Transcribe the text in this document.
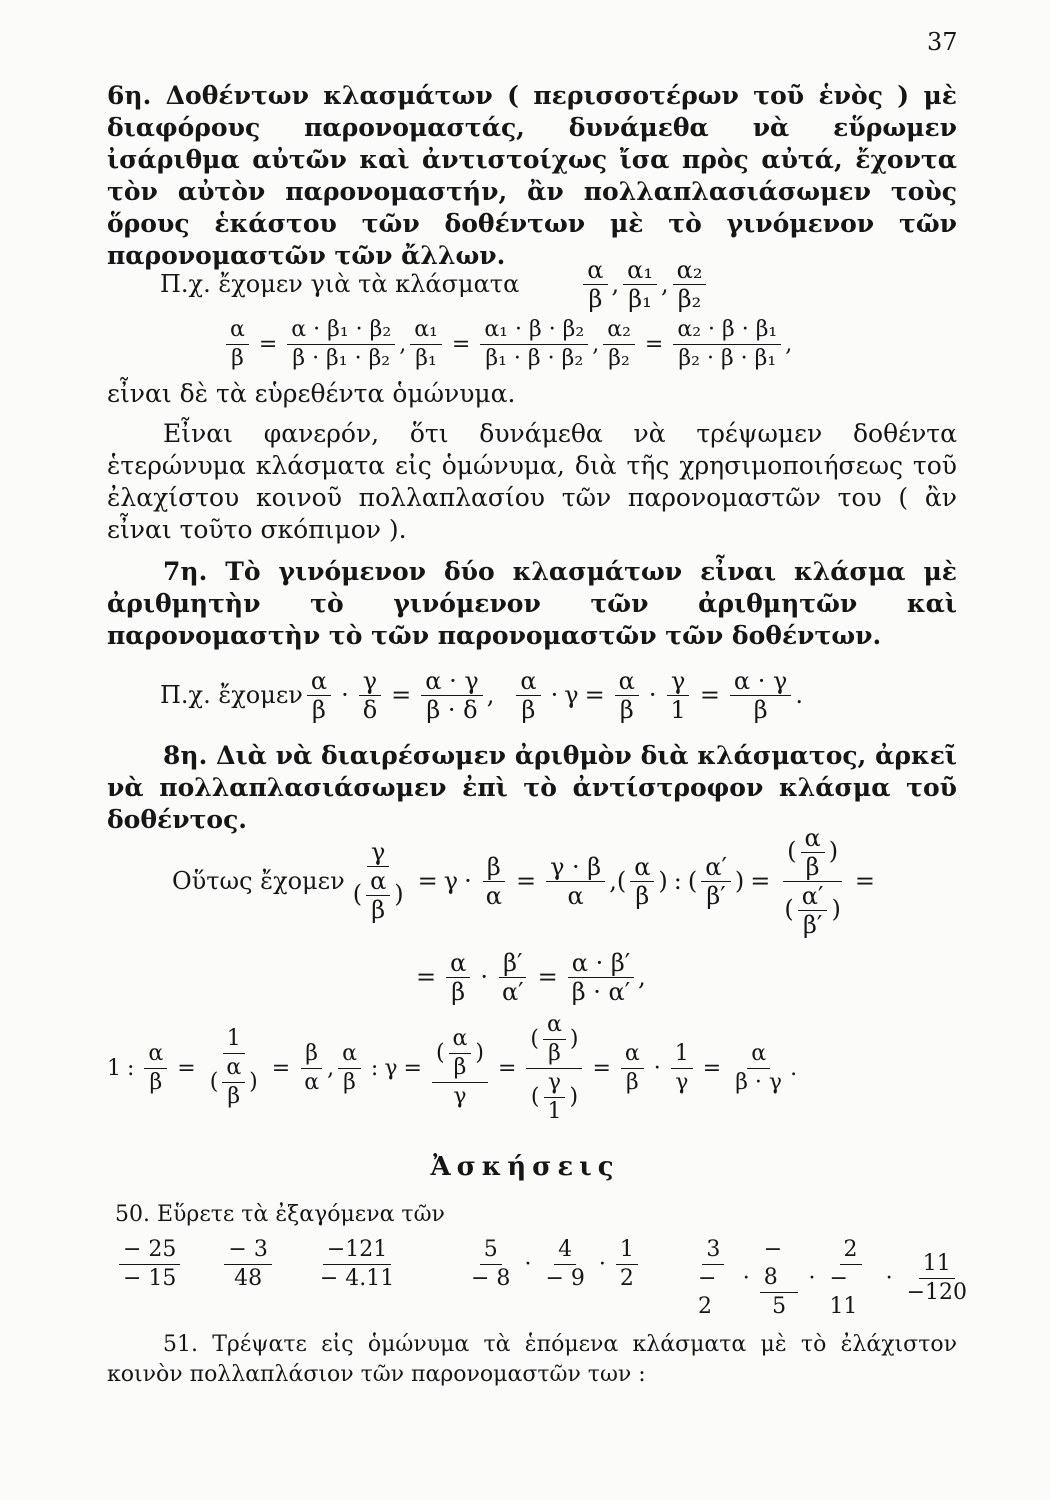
37

6η. Δοθέντων κλασμάτων ( περισσοτέρων τοῦ ἑνὸς ) μὲ διαφόρους παρονομαστάς, δυνάμεθα νὰ εὕρωμεν ἰσάριθμα αὐτῶν καὶ ἀντιστοίχως ἴσα πρὸς αὐτά, ἔχοντα τὸν αὐτὸν παρονομαστήν, ἂν πολλαπλασιάσωμεν τοὺς ὅρους ἑκάστου τῶν δοθέντων μὲ τὸ γινόμενον τῶν παρονομαστῶν τῶν ἄλλων.

Π.χ. ἔχομεν γιὰ τὰ κλάσματα	$\frac{\alpha}{\beta}$ , $\frac{\text{α₁}}{\text{β₁}}$ , $\frac{\text{α₂}}{\text{β₂}}$
$\frac{\alpha}{\beta} = \frac{\text{α · β₁ · β₂}}{\text{β · β₁ · β₂}}$ , $\frac{\text{α₁}}{\text{β₁}} = \frac{\text{α₁ · β · β₂}}{\text{β₁ · β · β₂}}$ , $\frac{\text{α₂}}{\text{β₂}} = \frac{\text{α₂ · β · β₁}}{\text{β₂ · β · β₁}}$ ,

εἶναι δὲ τὰ εὑρεθέντα ὁμώνυμα.

Εἶναι φανερόν, ὅτι δυνάμεθα νὰ τρέψωμεν δοθέντα ἑτερώνυμα κλάσματα εἰς ὁμώνυμα, διὰ τῆς χρησιμοποιήσεως τοῦ ἐλαχίστου κοινοῦ πολλαπλασίου τῶν παρονομαστῶν του ( ἂν εἶναι τοῦτο σκόπιμον ).

7η. Τὸ γινόμενον δύο κλασμάτων εἶναι κλάσμα μὲ ἀριθμητὴν τὸ γινόμενον τῶν ἀριθμητῶν καὶ παρονομαστὴν τὸ τῶν παρονομαστῶν τῶν δοθέντων.

Π.χ. ἔχομεν $\frac{\alpha}{\beta} \cdot \frac{\gamma}{\delta} = \frac{\alpha \cdot \gamma}{\beta \cdot \delta}$ , $\frac{\alpha}{\beta} \cdot \gamma = \frac{\alpha}{\beta} \cdot \frac{\gamma}{1} = \frac{\alpha \cdot \gamma}{\beta}$ .

8η. Διὰ νὰ διαιρέσωμεν ἀριθμὸν διὰ κλάσματος, ἀρκεῖ νὰ πολλαπλασιάσωμεν ἐπὶ τὸ ἀντίστροφον κλάσμα τοῦ δοθέντος.

Οὕτως ἔχομεν $\frac{\gamma}{( \frac{\alpha}{\beta} )} = \gamma \cdot \frac{\beta}{\alpha} = \frac{\gamma \cdot \beta}{\alpha}$ , ( $\frac{\alpha}{\beta}$ ) : ( $\frac{\alpha'}{\beta'}$ ) = $\frac{( \frac{\alpha}{\beta} )}{( \frac{\alpha'}{\beta'} )}$ =
= $\frac{\alpha}{\beta} \cdot \frac{\beta'}{\alpha'} = \frac{\alpha \cdot \beta'}{\beta \cdot \alpha'}$ ,
1 : $\frac{\alpha}{\beta} = \frac{1}{( \frac{\alpha}{\beta} )} = \frac{\beta}{\alpha}$ , $\frac{\alpha}{\beta}$ : $\gamma = \frac{( \frac{\alpha}{\beta} )}{\gamma} = \frac{( \frac{\alpha}{\beta} )}{( \frac{\gamma}{1} )} = \frac{\alpha}{\beta} \cdot \frac{1}{\gamma} = \frac{\alpha}{\beta \cdot \gamma}$ .
Ἀσκήσεις
50. Εὕρετε τὰ ἐξαγόμενα τῶν
$\frac{- 25}{- 15} \frac{- 3}{48} \frac{-121}{- 4.11}$	$\frac{5}{- 8} \cdot \frac{4}{- 9} \cdot \frac{1}{2}$	$\frac{3}{- 2} \cdot \frac{- 8}{5} \cdot \frac{2}{- 11} \cdot \frac{11}{-120}$

51. Τρέψατε εἰς ὁμώνυμα τὰ ἑπόμενα κλάσματα μὲ τὸ ἐλάχιστον κοινὸν πολλαπλάσιον τῶν παρονομαστῶν των :
